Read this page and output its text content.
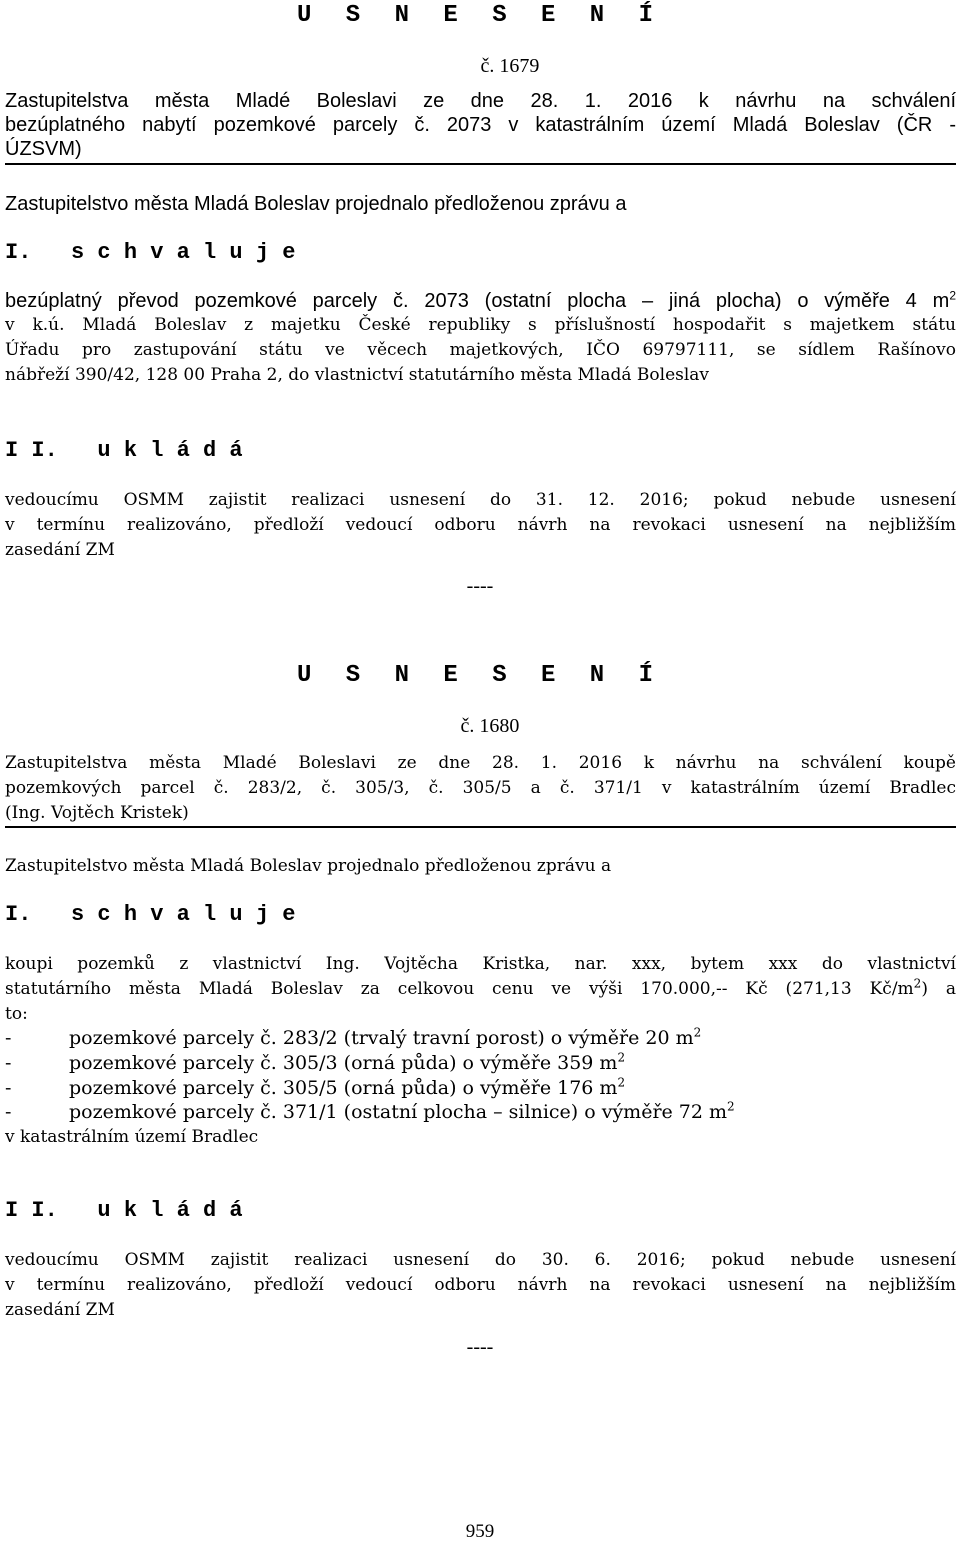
U S N E S E N Í
č. 1679
Zastupitelstva města Mladé Boleslavi ze dne 28. 1. 2016 k návrhu na schválení
bezúplatného nabytí pozemkové parcely č. 2073 v katastrálním území Mladá Boleslav (ČR -
ÚZSVM)
Zastupitelstvo města Mladá Boleslav projednalo předloženou zprávu a
I.   s c h v a l u j e
bezúplatný převod pozemkové parcely č. 2073 (ostatní plocha – jiná plocha) o výměře 4 $m^2$
v k.ú. Mladá Boleslav z majetku České republiky s příslušností hospodařit s majetkem státu
Úřadu pro zastupování státu ve věcech majetkových, IČO 69797111, se sídlem Rašínovo
nábřeží 390/42, 128 00 Praha 2, do vlastnictví statutárního města Mladá Boleslav
I I.   u k l á d á
vedoucímu OSMM zajistit realizaci usnesení do 31. 12. 2016; pokud nebude usnesení
v termínu realizováno, předloží vedoucí odboru návrh na revokaci usnesení na nejbližším
zasedání ZM
----
U S N E S E N Í
č. 1680
Zastupitelstva města Mladé Boleslavi ze dne 28. 1. 2016 k návrhu na schválení koupě
pozemkových parcel č. 283/2, č. 305/3, č. 305/5 a č. 371/1 v katastrálním území Bradlec
(Ing. Vojtěch Kristek)
Zastupitelstvo města Mladá Boleslav projednalo předloženou zprávu a
I.   s c h v a l u j e
koupi pozemků z vlastnictví Ing. Vojtěcha Kristka, nar. xxx, bytem xxx do vlastnictví
statutárního města Mladá Boleslav za celkovou cenu ve výši 170.000,-- Kč (271,13 $Kč/m^2$) a
to:
-	pozemkové parcely č. 283/2 (trvalý travní porost) o výměře 20 $m^2$
-	pozemkové parcely č. 305/3 (orná půda) o výměře 359 $m^2$
-	pozemkové parcely č. 305/5 (orná půda) o výměře 176 $m^2$
-	pozemkové parcely č. 371/1 (ostatní plocha – silnice) o výměře 72 $m^2$
v katastrálním území Bradlec
I I.   u k l á d á
vedoucímu OSMM zajistit realizaci usnesení do 30. 6. 2016; pokud nebude usnesení
v termínu realizováno, předloží vedoucí odboru návrh na revokaci usnesení na nejbližším
zasedání ZM
----
959
